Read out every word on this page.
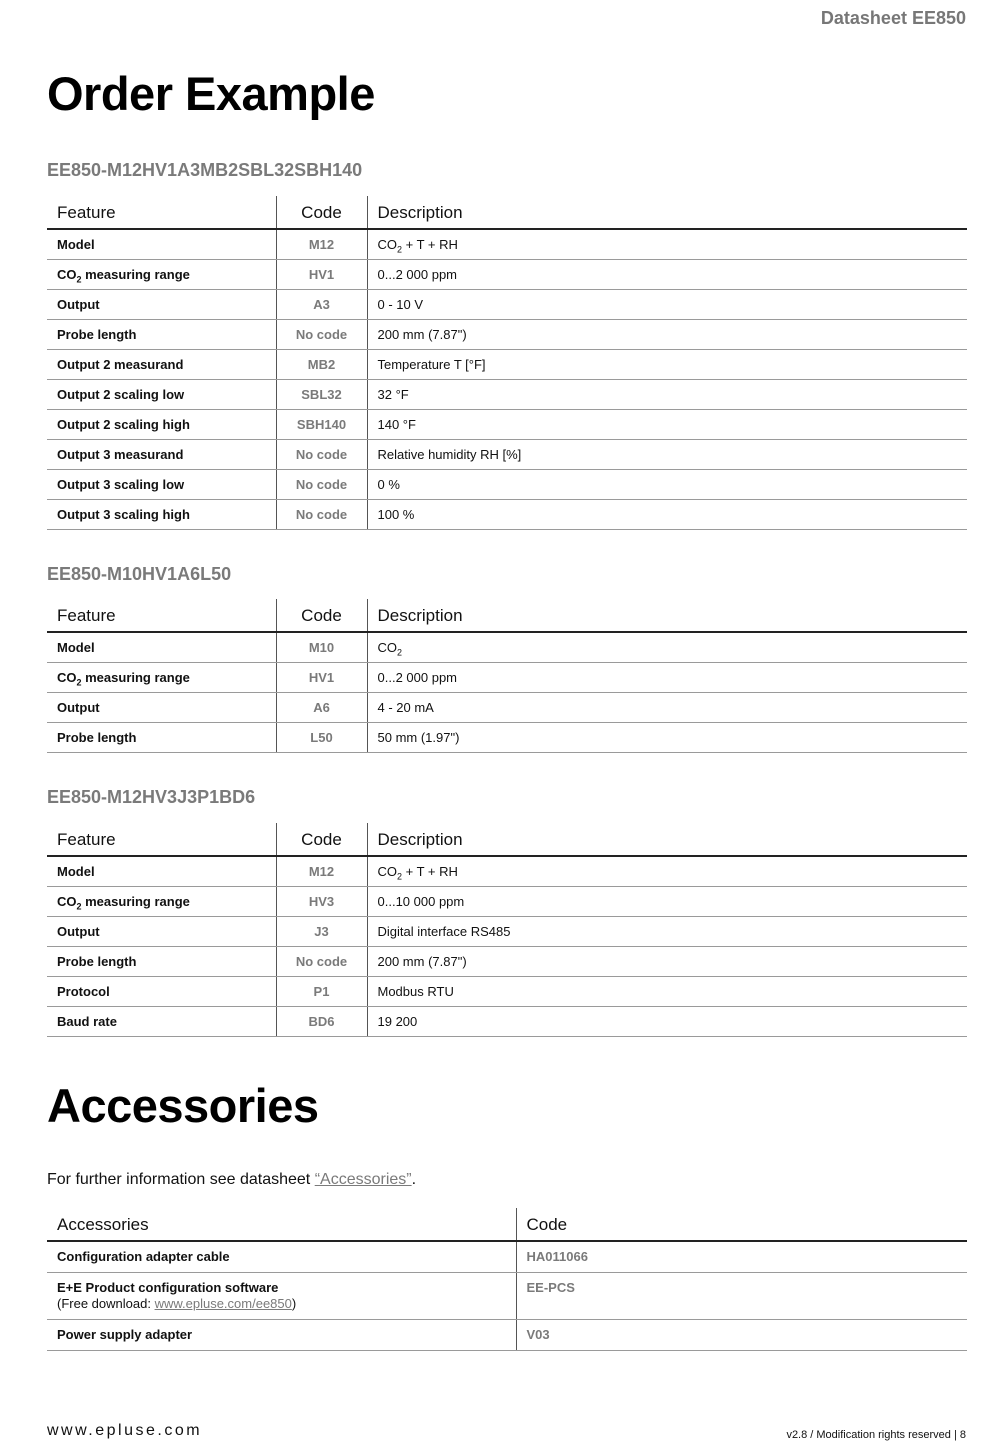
Datasheet EE850
Order Example
EE850-M12HV1A3MB2SBL32SBH140
Feature	Code	Description
Model	M12	$CO_2 + T$ + RH
$CO_2$ measuring range	HV1	0...2 000 ppm
Output	A3	0 - 10 V
Probe length	No code	200 mm (7.87")
Output 2 measurand	MB2	Temperature T [°F]
Output 2 scaling low	SBL32	32 °F
Output 2 scaling high	SBH140	140 °F
Output 3 measurand	No code	Relative humidity RH [%]
Output 3 scaling low	No code	0 %
Output 3 scaling high	No code	100 %
EE850-M10HV1A6L50
Feature	Code	Description
Model	M10	$CO_2$
$CO_2$ measuring range	HV1	0...2 000 ppm
Output	A6	4 - 20 mA
Probe length	L50	50 mm (1.97")
EE850-M12HV3J3P1BD6
Feature	Code	Description
Model	M12	$CO_2 + T$ + RH
$CO_2$ measuring range	HV3	0...10 000 ppm
Output	J3	Digital interface RS485
Probe length	No code	200 mm (7.87")
Protocol	P1	Modbus RTU
Baud rate	BD6	19 200
Accessories
For further information see datasheet “Accessories”.
Accessories	Code
Configuration adapter cable	HA011066
E+E Product configuration software
(Free download: www.epluse.com/ee850)	EE-PCS
Power supply adapter	V03
www.epluse.com	v2.8 / Modification rights reserved | 8
